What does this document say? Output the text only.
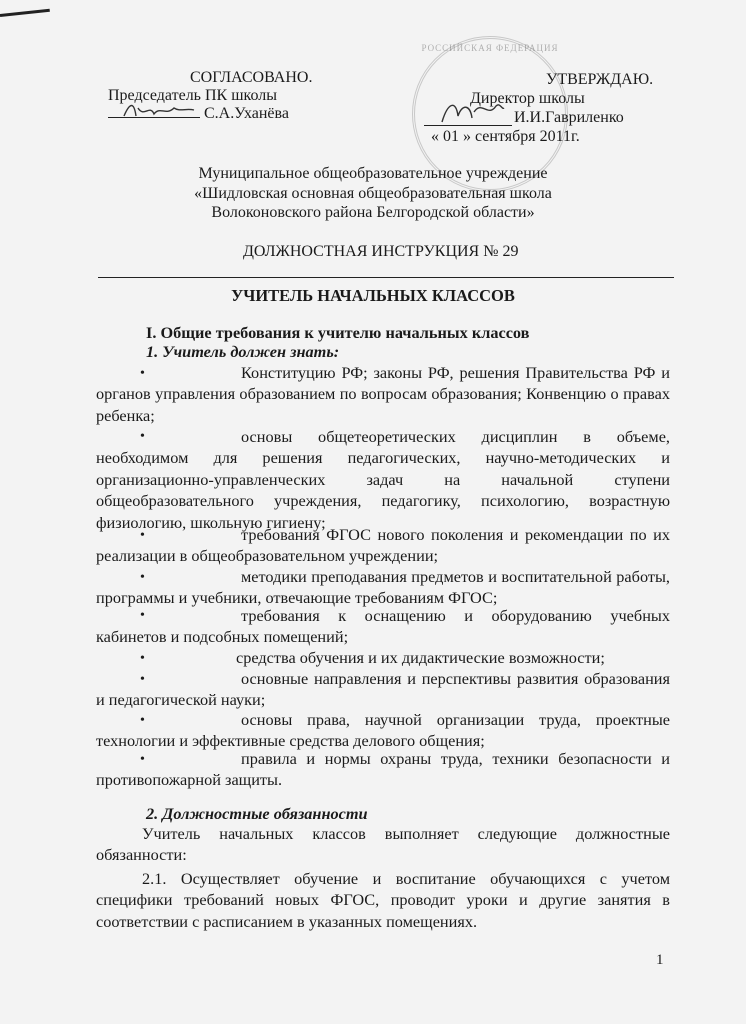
СОГЛАСОВАНО.
Председатель ПК школы
С.А.Уханёва
РОССИЙСКАЯ ФЕДЕРАЦИЯ
УТВЕРЖДАЮ.
Директор школы
И.И.Гавриленко
« 01 » сентября 2011г.
Муниципальное общеобразовательное учреждение
«Шидловская основная общеобразовательная школа
Волоконовского района Белгородской области»
ДОЛЖНОСТНАЯ ИНСТРУКЦИЯ № 29
УЧИТЕЛЬ НАЧАЛЬНЫХ КЛАССОВ
I. Общие требования к учителю начальных классов
1. Учитель должен знать:
•	Конституцию РФ; законы РФ, решения Правительства РФ и органов управления образованием по вопросам образования; Конвенцию о правах ребенка;
•	основы общетеоретических дисциплин в объеме, необходимом для решения педагогических, научно-методических и организационно-управленческих задач на начальной ступени общеобразовательного учреждения, педагогику, психологию, возрастную физиологию, школьную гигиену;
•	требования ФГОС нового поколения и рекомендации по их реализации в общеобразовательном учреждении;
•	методики преподавания предметов и воспитательной работы, программы и учебники, отвечающие требованиям ФГОС;
•	требования к оснащению и оборудованию учебных кабинетов и подсобных помещений;
•	средства обучения и их дидактические возможности;
•	основные направления и перспективы развития образования и педагогической науки;
•	основы права, научной организации труда, проектные технологии и эффективные средства делового общения;
•	правила и нормы охраны труда, техники безопасности и противопожарной защиты.
2. Должностные обязанности
Учитель начальных классов выполняет следующие должностные обязанности:
2.1. Осуществляет обучение и воспитание обучающихся с учетом специфики требований новых ФГОС, проводит уроки и другие занятия в соответствии с расписанием в указанных помещениях.
1
